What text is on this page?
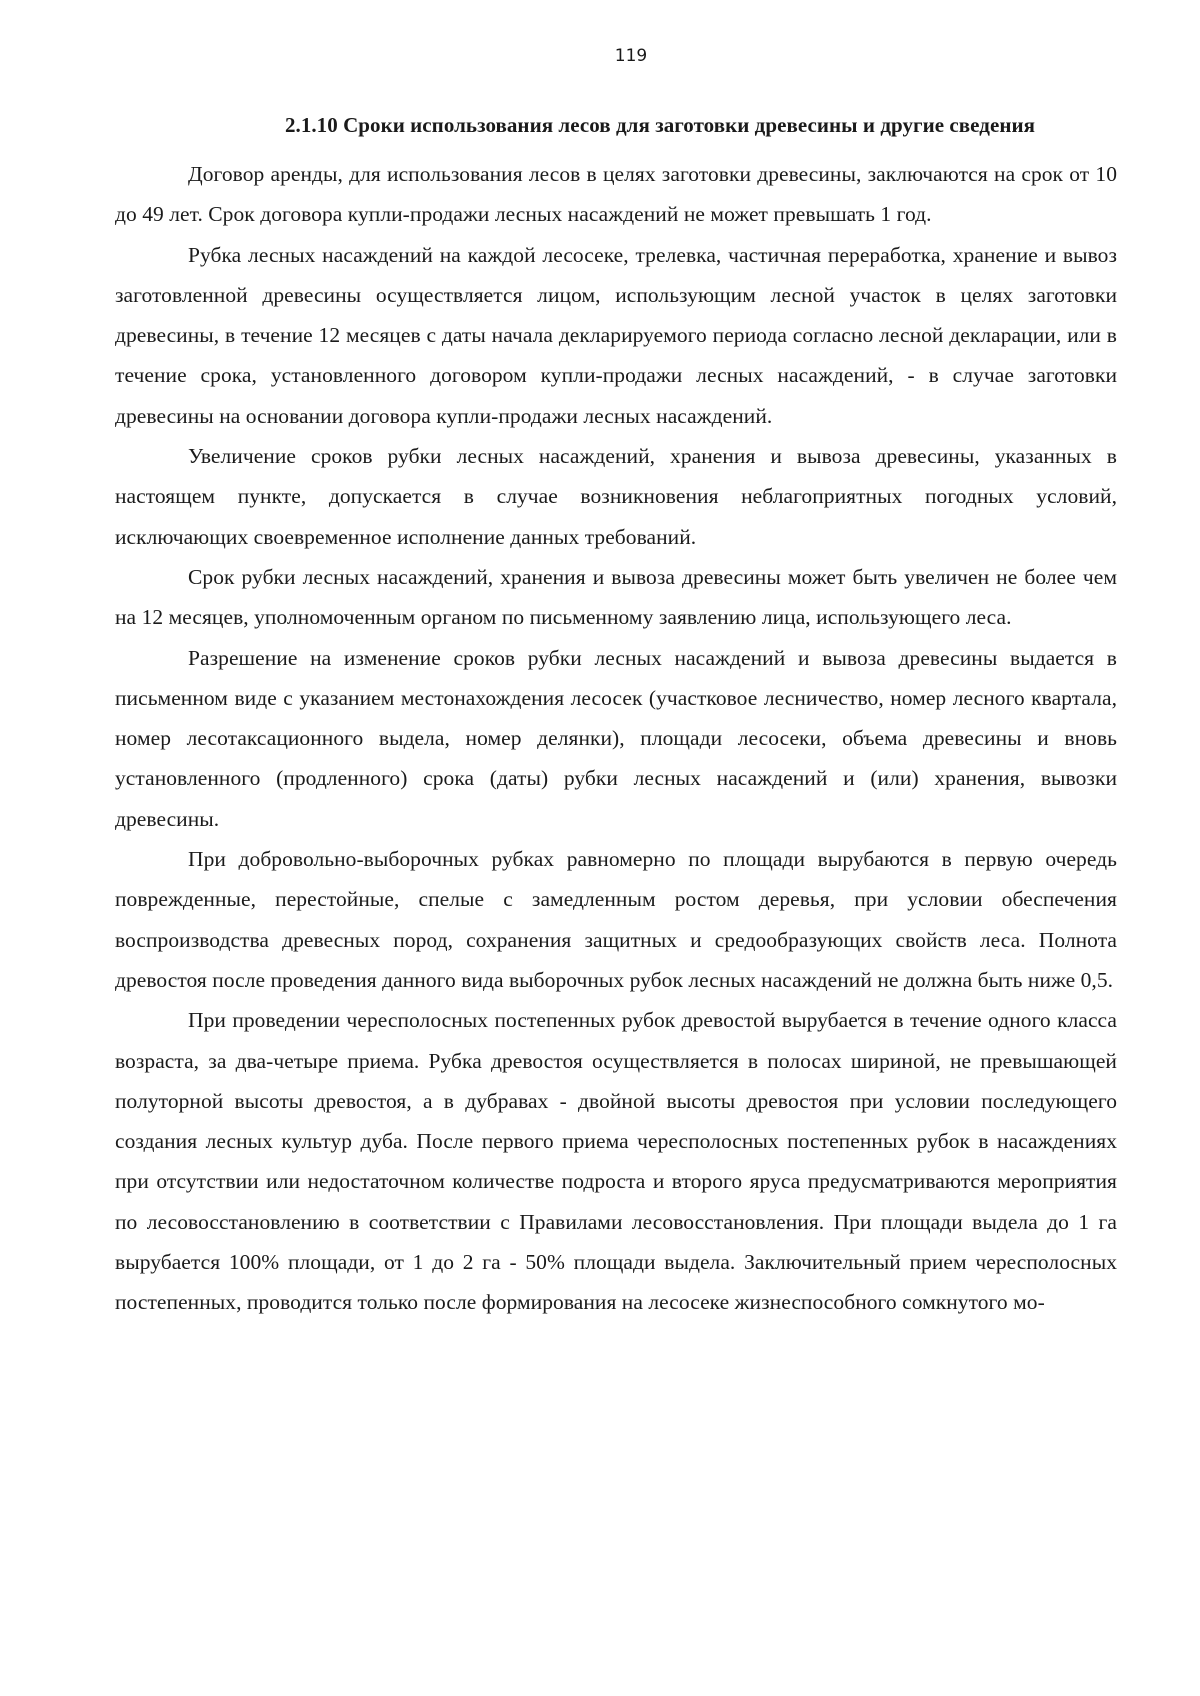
119
2.1.10 Сроки использования лесов для заготовки древесины и другие сведения

Договор аренды, для использования лесов в целях заготовки древесины, заключаются на срок от 10 до 49 лет. Срок договора купли-продажи лесных насаждений не может превышать 1 год.

Рубка лесных насаждений на каждой лесосеке, трелевка, частичная переработка, хранение и вывоз заготовленной древесины осуществляется лицом, использующим лесной участок в целях заготовки древесины, в течение 12 месяцев с даты начала декларируемого периода согласно лесной декларации, или в течение срока, установленного договором купли-продажи лесных насаждений, - в случае заготовки древесины на основании договора купли-продажи лесных насаждений.

Увеличение сроков рубки лесных насаждений, хранения и вывоза древесины, указанных в настоящем пункте, допускается в случае возникновения неблагоприятных погодных условий, исключающих своевременное исполнение данных требований.

Срок рубки лесных насаждений, хранения и вывоза древесины может быть увеличен не более чем на 12 месяцев, уполномоченным органом по письменному заявлению лица, использующего леса.

Разрешение на изменение сроков рубки лесных насаждений и вывоза древесины выдается в письменном виде с указанием местонахождения лесосек (участковое лесничество, номер лесного квартала, номер лесотаксационного выдела, номер делянки), площади лесосеки, объема древесины и вновь установленного (продленного) срока (даты) рубки лесных насаждений и (или) хранения, вывозки древесины.

При добровольно-выборочных рубках равномерно по площади вырубаются в первую очередь поврежденные, перестойные, спелые с замедленным ростом деревья, при условии обеспечения воспроизводства древесных пород, сохранения защитных и средообразующих свойств леса. Полнота древостоя после проведения данного вида выборочных рубок лесных насаждений не должна быть ниже 0,5.

При проведении чересполосных постепенных рубок древостой вырубается в течение одного класса возраста, за два-четыре приема. Рубка древостоя осуществляется в полосах шириной, не превышающей полуторной высоты древостоя, а в дубравах - двойной высоты древостоя при условии последующего создания лесных культур дуба. После первого приема чересполосных постепенных рубок в насаждениях при отсутствии или недостаточном количестве подроста и второго яруса предусматриваются мероприятия по лесовосстановлению в соответствии с Правилами лесовосстановления. При площади выдела до 1 га вырубается 100% площади, от 1 до 2 га - 50% площади выдела. Заключительный прием чересполосных постепенных, проводится только после формирования на лесосеке жизнеспособного сомкнутого мо-
